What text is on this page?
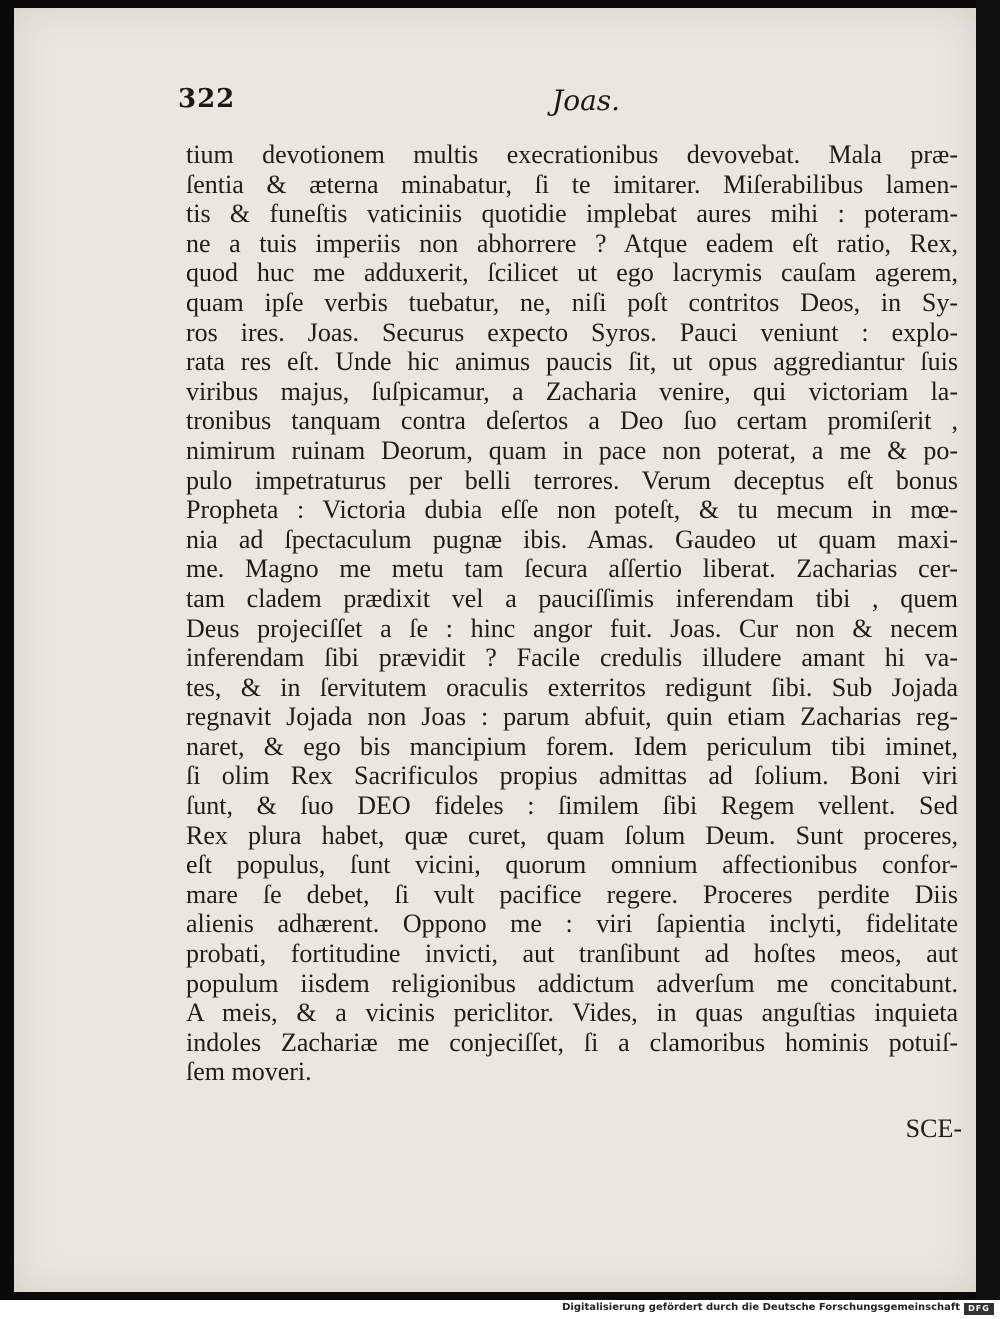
322	Joas.
tium devotionem multis execrationibus devovebat. Mala præ-
ſentia & æterna minabatur, ſi te imitarer. Miſerabilibus lamen-
tis & funeſtis vaticiniis quotidie implebat aures mihi : poteram-
ne a tuis imperiis non abhorrere ? Atque eadem eſt ratio, Rex,
quod huc me adduxerit, ſcilicet ut ego lacrymis cauſam agerem,
quam ipſe verbis tuebatur, ne, niſi poſt contritos Deos, in Sy-
ros ires. Joas. Securus expecto Syros. Pauci veniunt : explo-
rata res eſt. Unde hic animus paucis ſit, ut opus aggrediantur ſuis
viribus majus, ſuſpicamur, a Zacharia venire, qui victoriam la-
tronibus tanquam contra deſertos a Deo ſuo certam promiſerit ,
nimirum ruinam Deorum, quam in pace non poterat, a me & po-
pulo impetraturus per belli terrores. Verum deceptus eſt bonus
Propheta : Victoria dubia eſſe non poteſt, & tu mecum in mœ-
nia ad ſpectaculum pugnæ ibis. Amas. Gaudeo ut quam maxi-
me. Magno me metu tam ſecura aſſertio liberat. Zacharias cer-
tam cladem prædixit vel a pauciſſimis inferendam tibi , quem
Deus projeciſſet a ſe : hinc angor fuit. Joas. Cur non & necem
inferendam ſibi prævidit ? Facile credulis illudere amant hi va-
tes, & in ſervitutem oraculis exterritos redigunt ſibi. Sub Jojada
regnavit Jojada non Joas : parum abfuit, quin etiam Zacharias reg-
naret, & ego bis mancipium forem. Idem periculum tibi iminet,
ſi olim Rex Sacrificulos propius admittas ad ſolium. Boni viri
ſunt, & ſuo DEO fideles : ſimilem ſibi Regem vellent. Sed
Rex plura habet, quæ curet, quam ſolum Deum. Sunt proceres,
eſt populus, ſunt vicini, quorum omnium affectionibus confor-
mare ſe debet, ſi vult pacifice regere. Proceres perdite Diis
alienis adhærent. Oppono me : viri ſapientia inclyti, fidelitate
probati, fortitudine invicti, aut tranſibunt ad hoſtes meos, aut
populum iisdem religionibus addictum adverſum me concitabunt.
A meis, & a vicinis periclitor. Vides, in quas anguſtias inquieta
indoles Zachariæ me conjeciſſet, ſi a clamoribus hominis potuiſ-
ſem moveri.
SCE-
Digitalisierung gefördert durch die Deutsche Forschungsgemeinschaft	DFG
